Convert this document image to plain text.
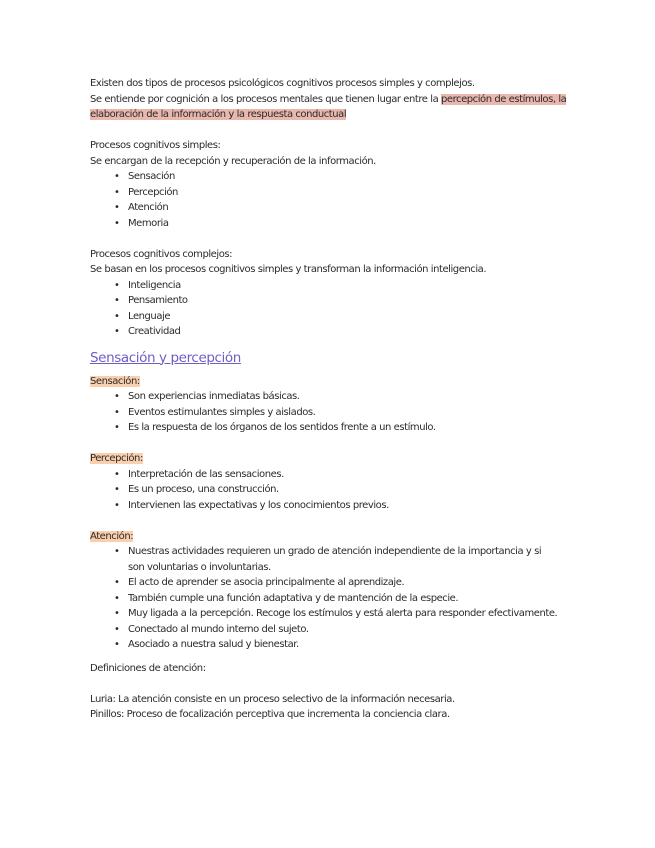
Existen dos tipos de procesos psicológicos cognitivos procesos simples y complejos.
Se entiende por cognición a los procesos mentales que tienen lugar entre la percepción de estímulos, la
elaboración de la información y la respuesta conductual
Procesos cognitivos simples:
Se encargan de la recepción y recuperación de la información.
• Sensación
• Percepción
• Atención
• Memoria
Procesos cognitivos complejos:
Se basan en los procesos cognitivos simples y transforman la información inteligencia.
• Inteligencia
• Pensamiento
• Lenguaje
• Creatividad
Sensación y percepción
Sensación:
• Son experiencias inmediatas básicas.
• Eventos estimulantes simples y aislados.
• Es la respuesta de los órganos de los sentidos frente a un estímulo.
Percepción:
• Interpretación de las sensaciones.
• Es un proceso, una construcción.
• Intervienen las expectativas y los conocimientos previos.
Atención:
• Nuestras actividades requieren un grado de atención independiente de la importancia y si son voluntarias o involuntarias.
• El acto de aprender se asocia principalmente al aprendizaje.
• También cumple una función adaptativa y de mantención de la especie.
• Muy ligada a la percepción. Recoge los estímulos y está alerta para responder efectivamente.
• Conectado al mundo interno del sujeto.
• Asociado a nuestra salud y bienestar.
Definiciones de atención:
Luria: La atención consiste en un proceso selectivo de la información necesaria.
Pinillos: Proceso de focalización perceptiva que incrementa la conciencia clara.
